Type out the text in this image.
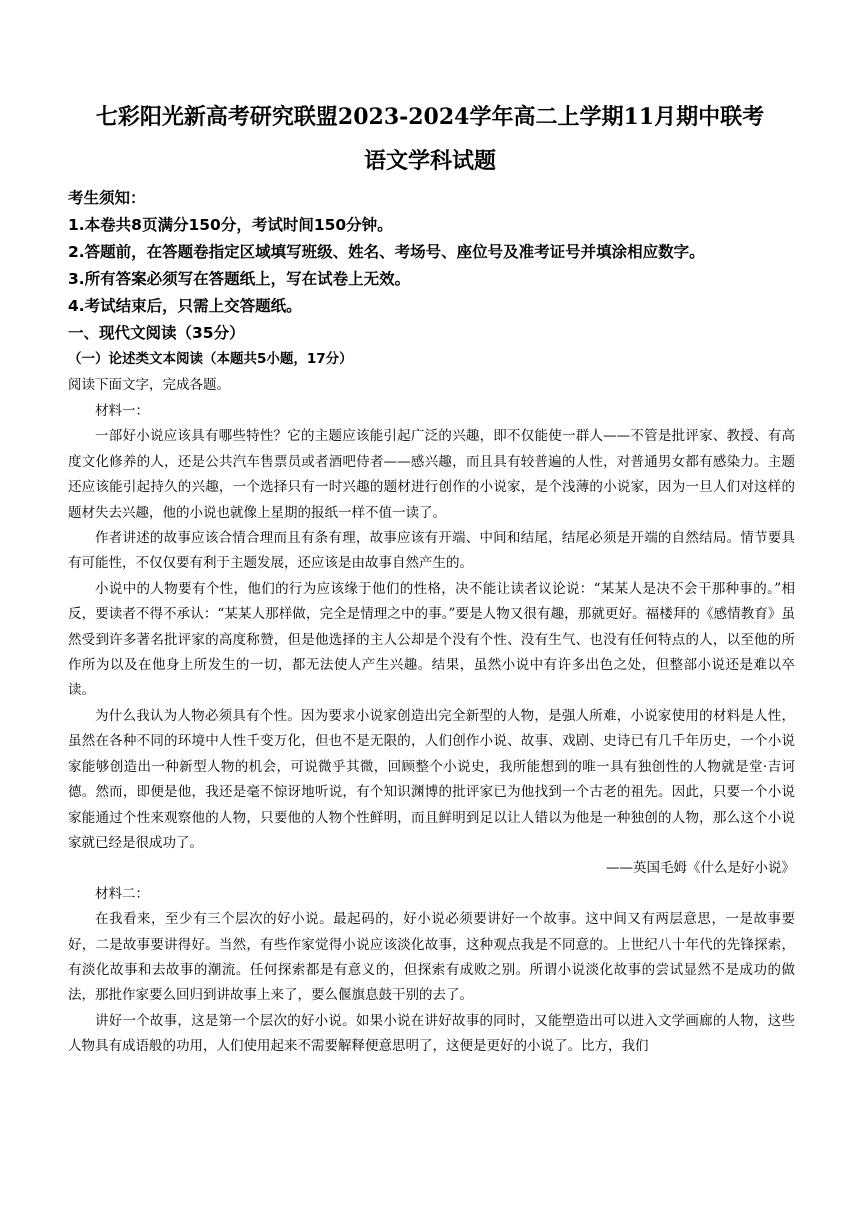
七彩阳光新高考研究联盟2023-2024学年高二上学期11月期中联考
语文学科试题
考生须知：
1.本卷共8页满分150分，考试时间150分钟。
2.答题前，在答题卷指定区域填写班级、姓名、考场号、座位号及准考证号并填涂相应数字。
3.所有答案必须写在答题纸上，写在试卷上无效。
4.考试结束后，只需上交答题纸。
一、现代文阅读（35分）
（一）论述类文本阅读（本题共5小题，17分）
阅读下面文字，完成各题。

材料一：

一部好小说应该具有哪些特性？它的主题应该能引起广泛的兴趣，即不仅能使一群人——不管是批评家、教授、有高度文化修养的人，还是公共汽车售票员或者酒吧侍者——感兴趣，而且具有较普遍的人性，对普通男女都有感染力。主题还应该能引起持久的兴趣，一个选择只有一时兴趣的题材进行创作的小说家，是个浅薄的小说家，因为一旦人们对这样的题材失去兴趣，他的小说也就像上星期的报纸一样不值一读了。

作者讲述的故事应该合情合理而且有条有理，故事应该有开端、中间和结尾，结尾必须是开端的自然结局。情节要具有可能性，不仅仅要有利于主题发展，还应该是由故事自然产生的。

小说中的人物要有个性，他们的行为应该缘于他们的性格，决不能让读者议论说：“某某人是决不会干那种事的。”相反，要读者不得不承认：“某某人那样做，完全是情理之中的事。”要是人物又很有趣，那就更好。福楼拜的《感情教育》虽然受到许多著名批评家的高度称赞，但是他选择的主人公却是个没有个性、没有生气、也没有任何特点的人，以至他的所作所为以及在他身上所发生的一切，都无法使人产生兴趣。结果，虽然小说中有许多出色之处，但整部小说还是难以卒读。

为什么我认为人物必须具有个性。因为要求小说家创造出完全新型的人物，是强人所难，小说家使用的材料是人性，虽然在各种不同的环境中人性千变万化，但也不是无限的，人们创作小说、故事、戏剧、史诗已有几千年历史，一个小说家能够创造出一种新型人物的机会，可说微乎其微，回顾整个小说史，我所能想到的唯一具有独创性的人物就是堂·吉诃德。然而，即便是他，我还是毫不惊讶地听说，有个知识渊博的批评家已为他找到一个古老的祖先。因此，只要一个小说家能通过个性来观察他的人物，只要他的人物个性鲜明，而且鲜明到足以让人错以为他是一种独创的人物，那么这个小说家就已经是很成功了。

——英国毛姆《什么是好小说》

材料二：

在我看来，至少有三个层次的好小说。最起码的，好小说必须要讲好一个故事。这中间又有两层意思，一是故事要好，二是故事要讲得好。当然，有些作家觉得小说应该淡化故事，这种观点我是不同意的。上世纪八十年代的先锋探索，有淡化故事和去故事的潮流。任何探索都是有意义的，但探索有成败之别。所谓小说淡化故事的尝试显然不是成功的做法，那批作家要么回归到讲故事上来了，要么偃旗息鼓干别的去了。

讲好一个故事，这是第一个层次的好小说。如果小说在讲好故事的同时，又能塑造出可以进入文学画廊的人物，这些人物具有成语般的功用，人们使用起来不需要解释便意思明了，这便是更好的小说了。比方，我们
